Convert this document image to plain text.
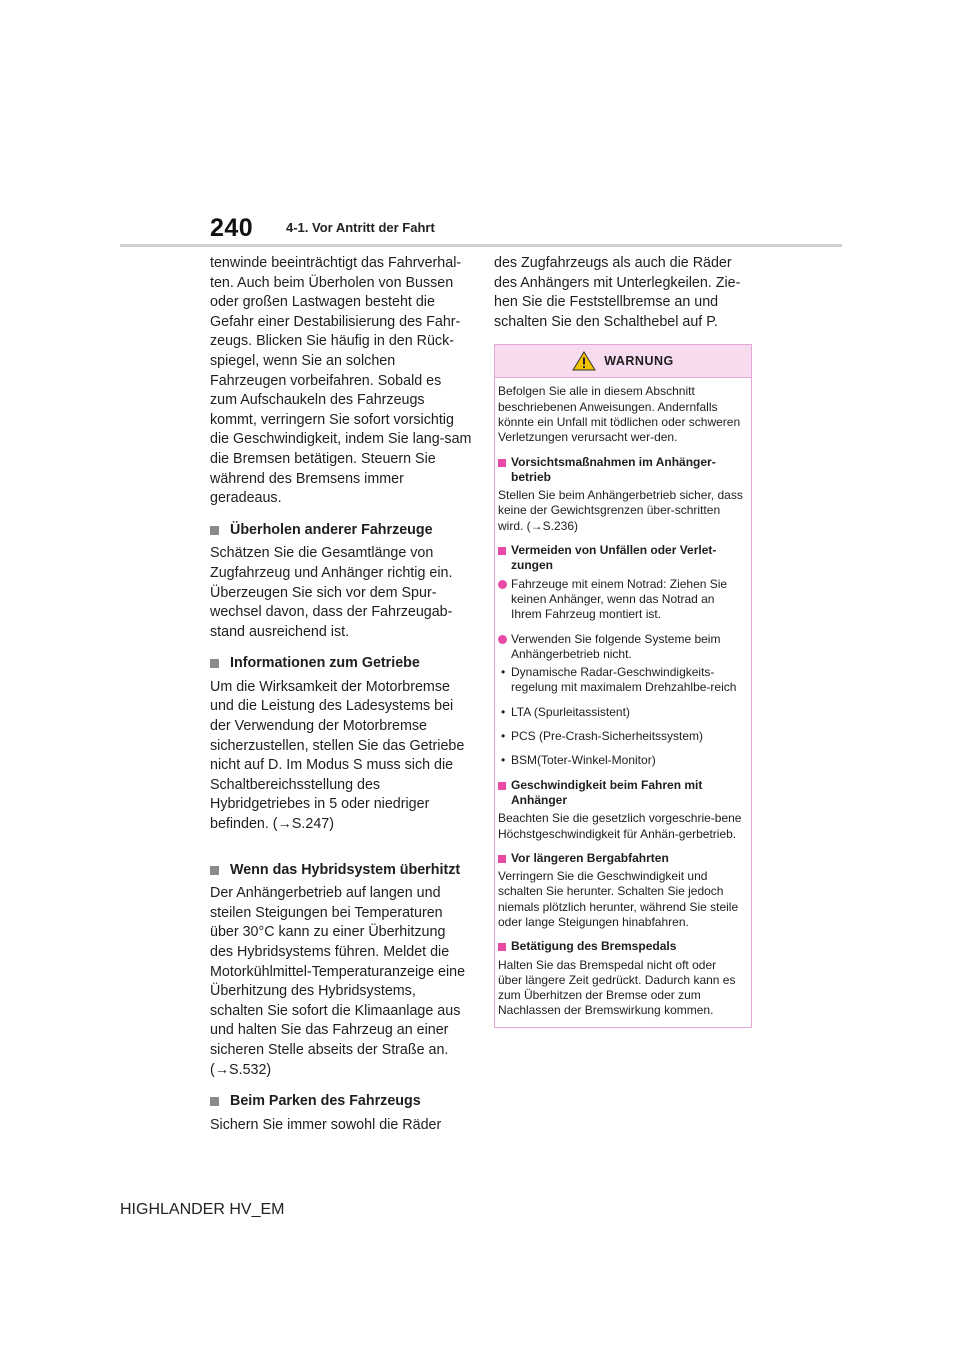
240	4-1. Vor Antritt der Fahrt

tenwinde beeinträchtigt das Fahrverhal-ten. Auch beim Überholen von Bussen oder großen Lastwagen besteht die Gefahr einer Destabilisierung des Fahr-zeugs. Blicken Sie häufig in den Rück-spiegel, wenn Sie an solchen Fahrzeugen vorbeifahren. Sobald es zum Aufschaukeln des Fahrzeugs kommt, verringern Sie sofort vorsichtig die Geschwindigkeit, indem Sie lang-sam die Bremsen betätigen. Steuern Sie während des Bremsens immer geradeaus.

Überholen anderer Fahrzeuge

Schätzen Sie die Gesamtlänge von Zugfahrzeug und Anhänger richtig ein. Überzeugen Sie sich vor dem Spur-wechsel davon, dass der Fahrzeugab-stand ausreichend ist.

Informationen zum Getriebe

Um die Wirksamkeit der Motorbremse und die Leistung des Ladesystems bei der Verwendung der Motorbremse sicherzustellen, stellen Sie das Getriebe nicht auf D. Im Modus S muss sich die Schaltbereichsstellung des Hybridgetriebes in 5 oder niedriger befinden. (→S.247)

Wenn das Hybridsystem überhitzt

Der Anhängerbetrieb auf langen und steilen Steigungen bei Temperaturen über 30°C kann zu einer Überhitzung des Hybridsystems führen. Meldet die Motorkühlmittel-Temperaturanzeige eine Überhitzung des Hybridsystems, schalten Sie sofort die Klimaanlage aus und halten Sie das Fahrzeug an einer sicheren Stelle abseits der Straße an. (→S.532)

Beim Parken des Fahrzeugs

Sichern Sie immer sowohl die Räder

des Zugfahrzeugs als auch die Räder des Anhängers mit Unterlegkeilen. Zie-hen Sie die Feststellbremse an und schalten Sie den Schalthebel auf P.

WARNUNG

Befolgen Sie alle in diesem Abschnitt beschriebenen Anweisungen. Andernfalls könnte ein Unfall mit tödlichen oder schweren Verletzungen verursacht wer-den.

Vorsichtsmaßnahmen im Anhänger-betrieb

Stellen Sie beim Anhängerbetrieb sicher, dass keine der Gewichtsgrenzen über-schritten wird. (→S.236)

Vermeiden von Unfällen oder Verlet-zungen
Fahrzeuge mit einem Notrad: Ziehen Sie keinen Anhänger, wenn das Notrad an Ihrem Fahrzeug montiert ist.
Verwenden Sie folgende Systeme beim Anhängerbetrieb nicht.
• Dynamische Radar-Geschwindigkeits-regelung mit maximalem Drehzahlbe-reich
• LTA (Spurleitassistent)
• PCS (Pre-Crash-Sicherheitssystem)
• BSM(Toter-Winkel-Monitor)
Geschwindigkeit beim Fahren mit Anhänger

Beachten Sie die gesetzlich vorgeschrie-bene Höchstgeschwindigkeit für Anhän-gerbetrieb.

Vor längeren Bergabfahrten

Verringern Sie die Geschwindigkeit und schalten Sie herunter. Schalten Sie jedoch niemals plötzlich herunter, während Sie steile oder lange Steigungen hinabfahren.

Betätigung des Bremspedals

Halten Sie das Bremspedal nicht oft oder über längere Zeit gedrückt. Dadurch kann es zum Überhitzen der Bremse oder zum Nachlassen der Bremswirkung kommen.

HIGHLANDER HV_EM
